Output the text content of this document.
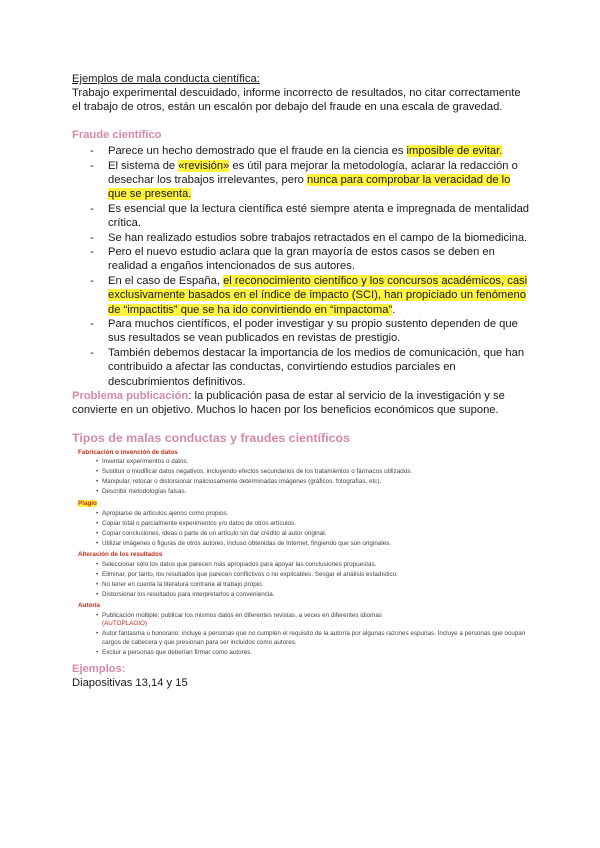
Ejemplos de mala conducta científica:

Trabajo experimental descuidado, informe incorrecto de resultados, no citar correctamente el trabajo de otros, están un escalón por debajo del fraude en una escala de gravedad.

Fraude científico

- Parece un hecho demostrado que el fraude en la ciencia es imposible de evitar.
- El sistema de «revisión» es útil para mejorar la metodología, aclarar la redacción o desechar los trabajos irrelevantes, pero nunca para comprobar la veracidad de lo que se presenta.
- Es esencial que la lectura científica esté siempre atenta e impregnada de mentalidad crítica.
- Se han realizado estudios sobre trabajos retractados en el campo de la biomedicina.
- Pero el nuevo estudio aclara que la gran mayoría de estos casos se deben en realidad a engaños intencionados de sus autores.
- En el caso de España, el reconocimiento científico y los concursos académicos, casi exclusivamente basados en el índice de impacto (SCI), han propiciado un fenómeno de “impactitis” que se ha ido convirtiendo en “impactoma”.
- Para muchos científicos, el poder investigar y su propio sustento dependen de que sus resultados se vean publicados en revistas de prestigio.
- También debemos destacar la importancia de los medios de comunicación, que han contribuido a afectar las conductas, convirtiendo estudios parciales en descubrimientos definitivos.

Problema publicación: la publicación pasa de estar al servicio de la investigación y se convierte en un objetivo. Muchos lo hacen por los beneficios económicos que supone.

Tipos de malas conductas y fraudes científicos

Fabricación o invención de datos
• Inventar experimentos o datos.
• Sustituir o modificar datos negativos, incluyendo efectos secundarios de los tratamientos o fármacos utilizados.
• Manipular, retocar o distorsionar maliciosamente determinadas imágenes (gráficos, fotografías, etc).
• Describir metodologías falsas.
Plagio
• Apropiarse de artículos ajenos como propios.
• Copiar total o parcialmente experimentos y/o datos de otros artículos.
• Copiar conclusiones, ideas o parte de un artículo sin dar crédito al autor original.
• Utilizar imágenes o figuras de otros autores, incluso obtenidas de Internet, fingiendo que son originales.
Alteración de los resultados
• Seleccionar sólo los datos que parecen más apropiados para apoyar las conclusiones propuestas.
• Eliminar, por tanto, los resultados que parecen conflictivos o no explicables. Sesgar el análisis estadístico.
• No tener en cuenta la literatura contraria al trabajo propio.
• Distorsionar los resultados para interpretarlos a conveniencia.
Autoría
• Publicación múltiple: publicar los mismos datos en diferentes revistas, a veces en diferentes idiomas
(AUTOPLAGIO)
• Autor fantasma u honorario: incluye a personas que no cumplen el requisito de la autoría por algunas razones espurias. Incluye a personas que ocupan cargos de cabecera y que presionan para ser incluidos como autores.
• Excluir a personas que deberían firmar como autores.

Ejemplos:

Diapositivas 13,14 y 15
